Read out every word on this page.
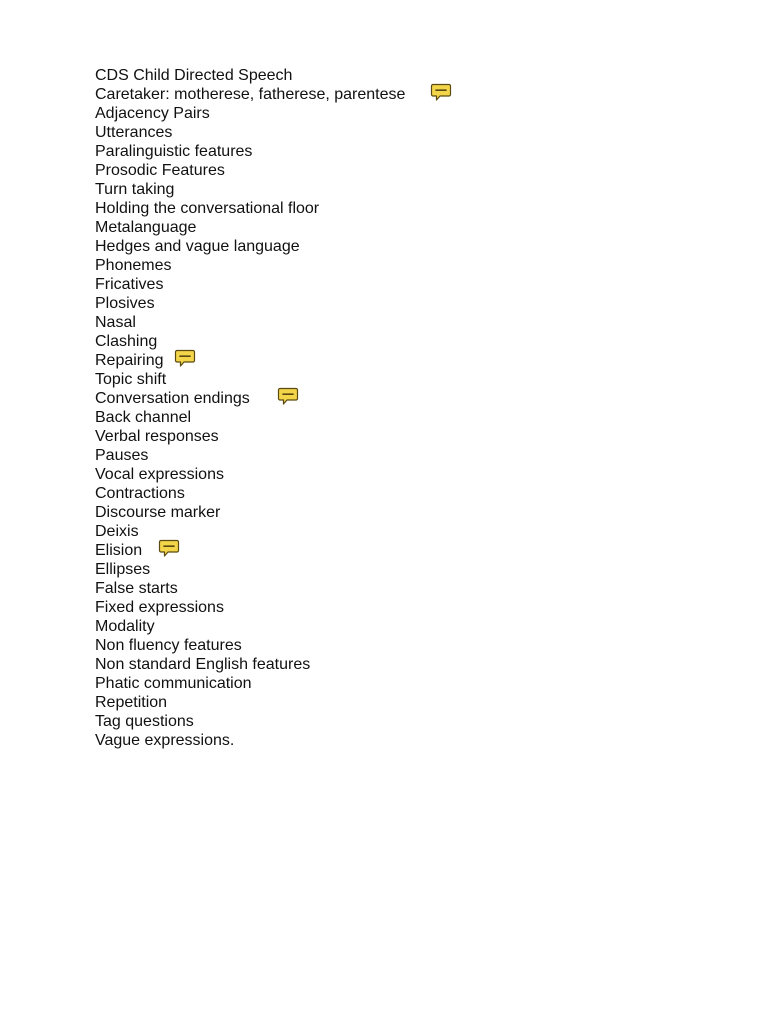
CDS Child Directed Speech
Caretaker: motherese, fatherese, parentese
Adjacency Pairs
Utterances
Paralinguistic features
Prosodic Features
Turn taking
Holding the conversational floor
Metalanguage
Hedges and vague language
Phonemes
Fricatives
Plosives
Nasal
Clashing
Repairing
Topic shift
Conversation endings
Back channel
Verbal responses
Pauses
Vocal expressions
Contractions
Discourse marker
Deixis
Elision
Ellipses
False starts
Fixed expressions
Modality
Non fluency features
Non standard English features
Phatic communication
Repetition
Tag questions
Vague expressions.
